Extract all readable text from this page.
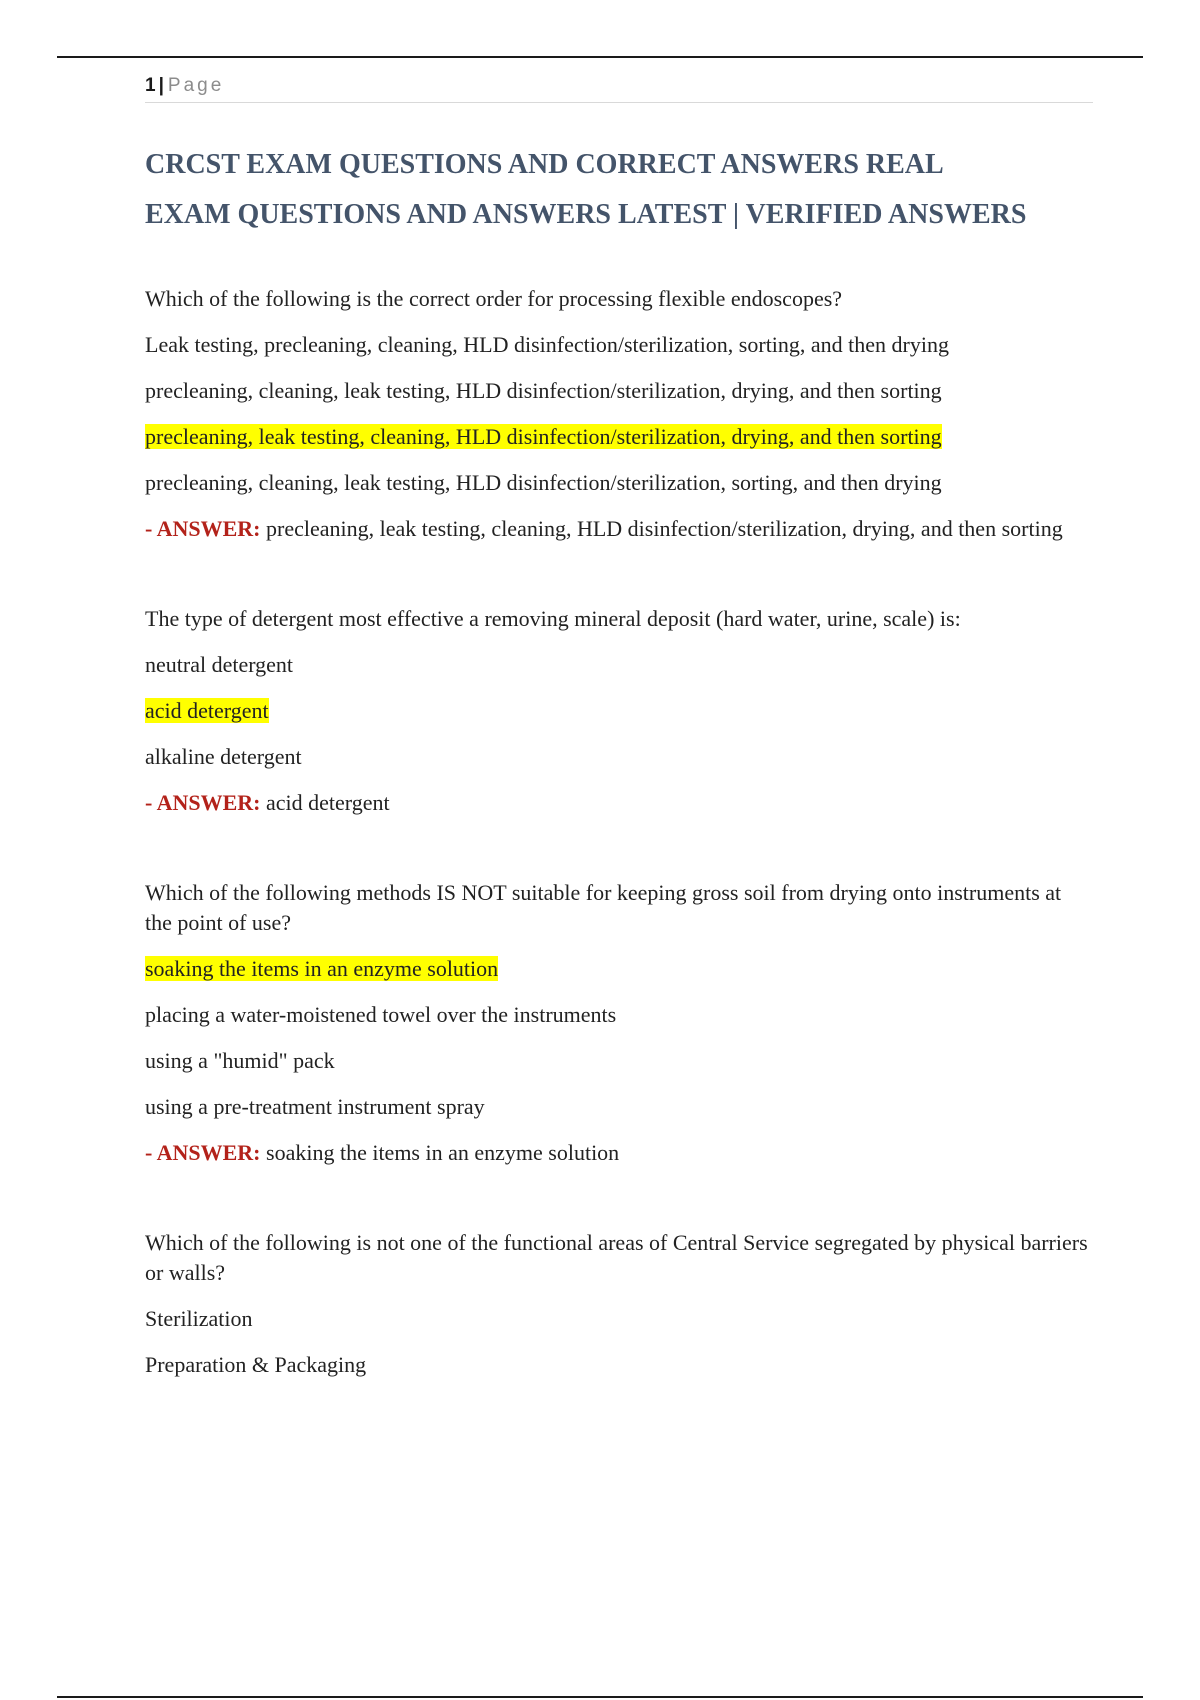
1 | Page
CRCST EXAM QUESTIONS AND CORRECT ANSWERS REAL
EXAM QUESTIONS AND ANSWERS LATEST | VERIFIED ANSWERS

Which of the following is the correct order for processing flexible endoscopes?

Leak testing, precleaning, cleaning, HLD disinfection/sterilization, sorting, and then drying

precleaning, cleaning, leak testing, HLD disinfection/sterilization, drying, and then sorting

precleaning, leak testing, cleaning, HLD disinfection/sterilization, drying, and then sorting

precleaning, cleaning, leak testing, HLD disinfection/sterilization, sorting, and then drying

- ANSWER: precleaning, leak testing, cleaning, HLD disinfection/sterilization, drying, and then sorting

The type of detergent most effective a removing mineral deposit (hard water, urine, scale) is:

neutral detergent

acid detergent

alkaline detergent

- ANSWER: acid detergent

Which of the following methods IS NOT suitable for keeping gross soil from drying onto instruments at the point of use?

soaking the items in an enzyme solution

placing a water-moistened towel over the instruments

using a "humid" pack

using a pre-treatment instrument spray

- ANSWER: soaking the items in an enzyme solution

Which of the following is not one of the functional areas of Central Service segregated by physical barriers or walls?

Sterilization

Preparation & Packaging
